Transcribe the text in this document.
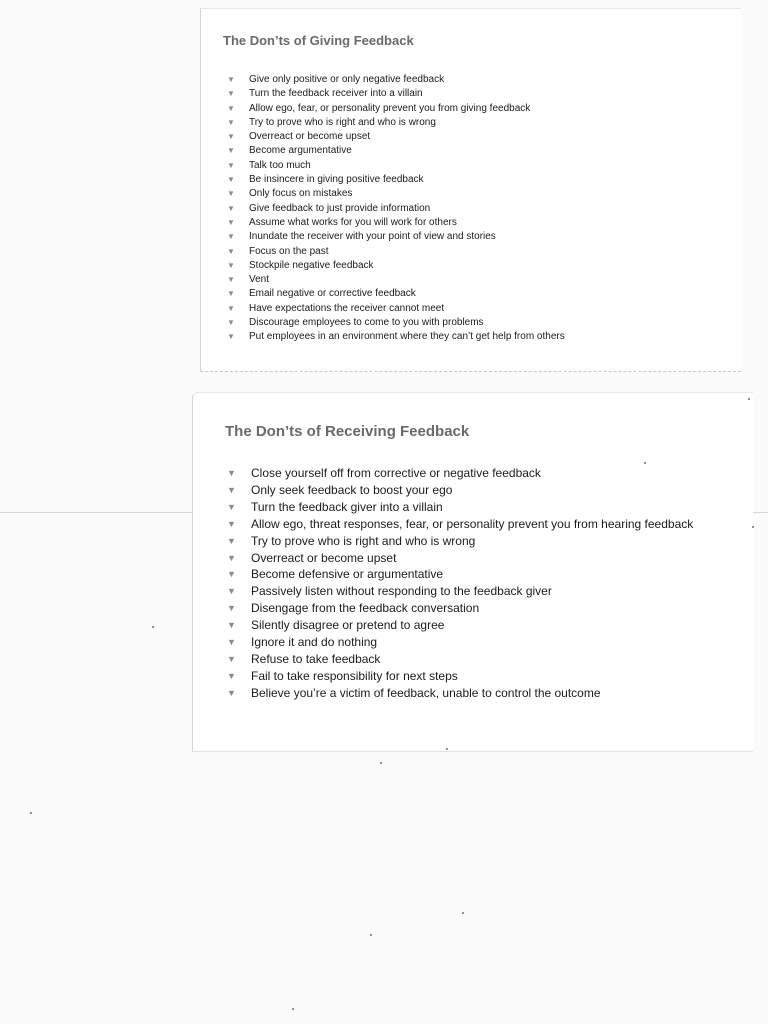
The Don’ts of Giving Feedback
▼ Give only positive or only negative feedback
▼ Turn the feedback receiver into a villain
▼ Allow ego, fear, or personality prevent you from giving feedback
▼ Try to prove who is right and who is wrong
▼ Overreact or become upset
▼ Become argumentative
▼ Talk too much
▼ Be insincere in giving positive feedback
▼ Only focus on mistakes
▼ Give feedback to just provide information
▼ Assume what works for you will work for others
▼ Inundate the receiver with your point of view and stories
▼ Focus on the past
▼ Stockpile negative feedback
▼ Vent
▼ Email negative or corrective feedback
▼ Have expectations the receiver cannot meet
▼ Discourage employees to come to you with problems
▼ Put employees in an environment where they can’t get help from others
The Don’ts of Receiving Feedback
▼ Close yourself off from corrective or negative feedback
▼ Only seek feedback to boost your ego
▼ Turn the feedback giver into a villain
▼ Allow ego, threat responses, fear, or personality prevent you from hearing feedback
▼ Try to prove who is right and who is wrong
▼ Overreact or become upset
▼ Become defensive or argumentative
▼ Passively listen without responding to the feedback giver
▼ Disengage from the feedback conversation
▼ Silently disagree or pretend to agree
▼ Ignore it and do nothing
▼ Refuse to take feedback
▼ Fail to take responsibility for next steps
▼ Believe you’re a victim of feedback, unable to control the outcome
